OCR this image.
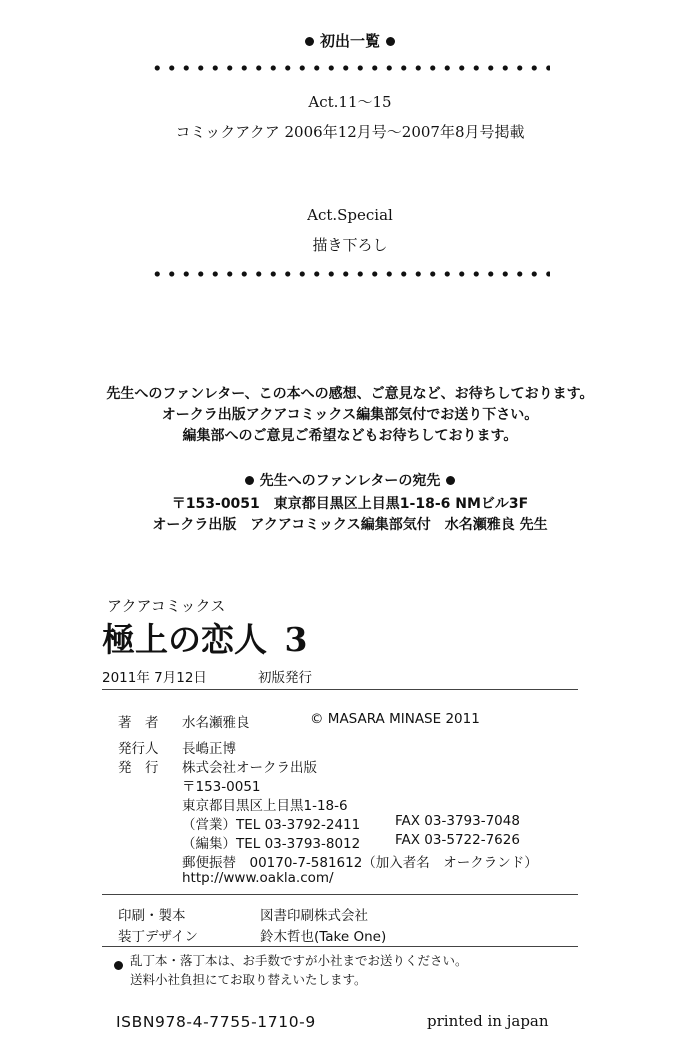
初出一覧
Act.11～15
コミックアクア 2006年12月号～2007年8月号掲載
Act.Special
描き下ろし
先生へのファンレター、この本への感想、ご意見など、お待ちしております。
オークラ出版アクアコミックス編集部気付でお送り下さい。
編集部へのご意見ご希望などもお待ちしております。
先生へのファンレターの宛先
〒153-0051　東京都目黒区上目黒1-18-6 NMビル3F
オークラ出版　アクアコミックス編集部気付　水名瀬雅良 先生
アクアコミックス
極上の恋人 3
2011年 7月12日	初版発行
著　者 水名瀬雅良	© MASARA MINASE 2011
発行人 長嶋正博
発　行 株式会社オークラ出版
〒153-0051
東京都目黒区上目黒1-18-6
（営業）TEL 03-3792-2411	FAX 03-3793-7048
（編集）TEL 03-3793-8012	FAX 03-5722-7626
郵便振替　00170-7-581612（加入者名　オークランド）
http://www.oakla.com/
印刷・製本	図書印刷株式会社
装丁デザイン	鈴木哲也(Take One)
乱丁本・落丁本は、お手数ですが小社までお送りください。
送料小社負担にてお取り替えいたします。
ISBN978-4-7755-1710-9	printed in japan
